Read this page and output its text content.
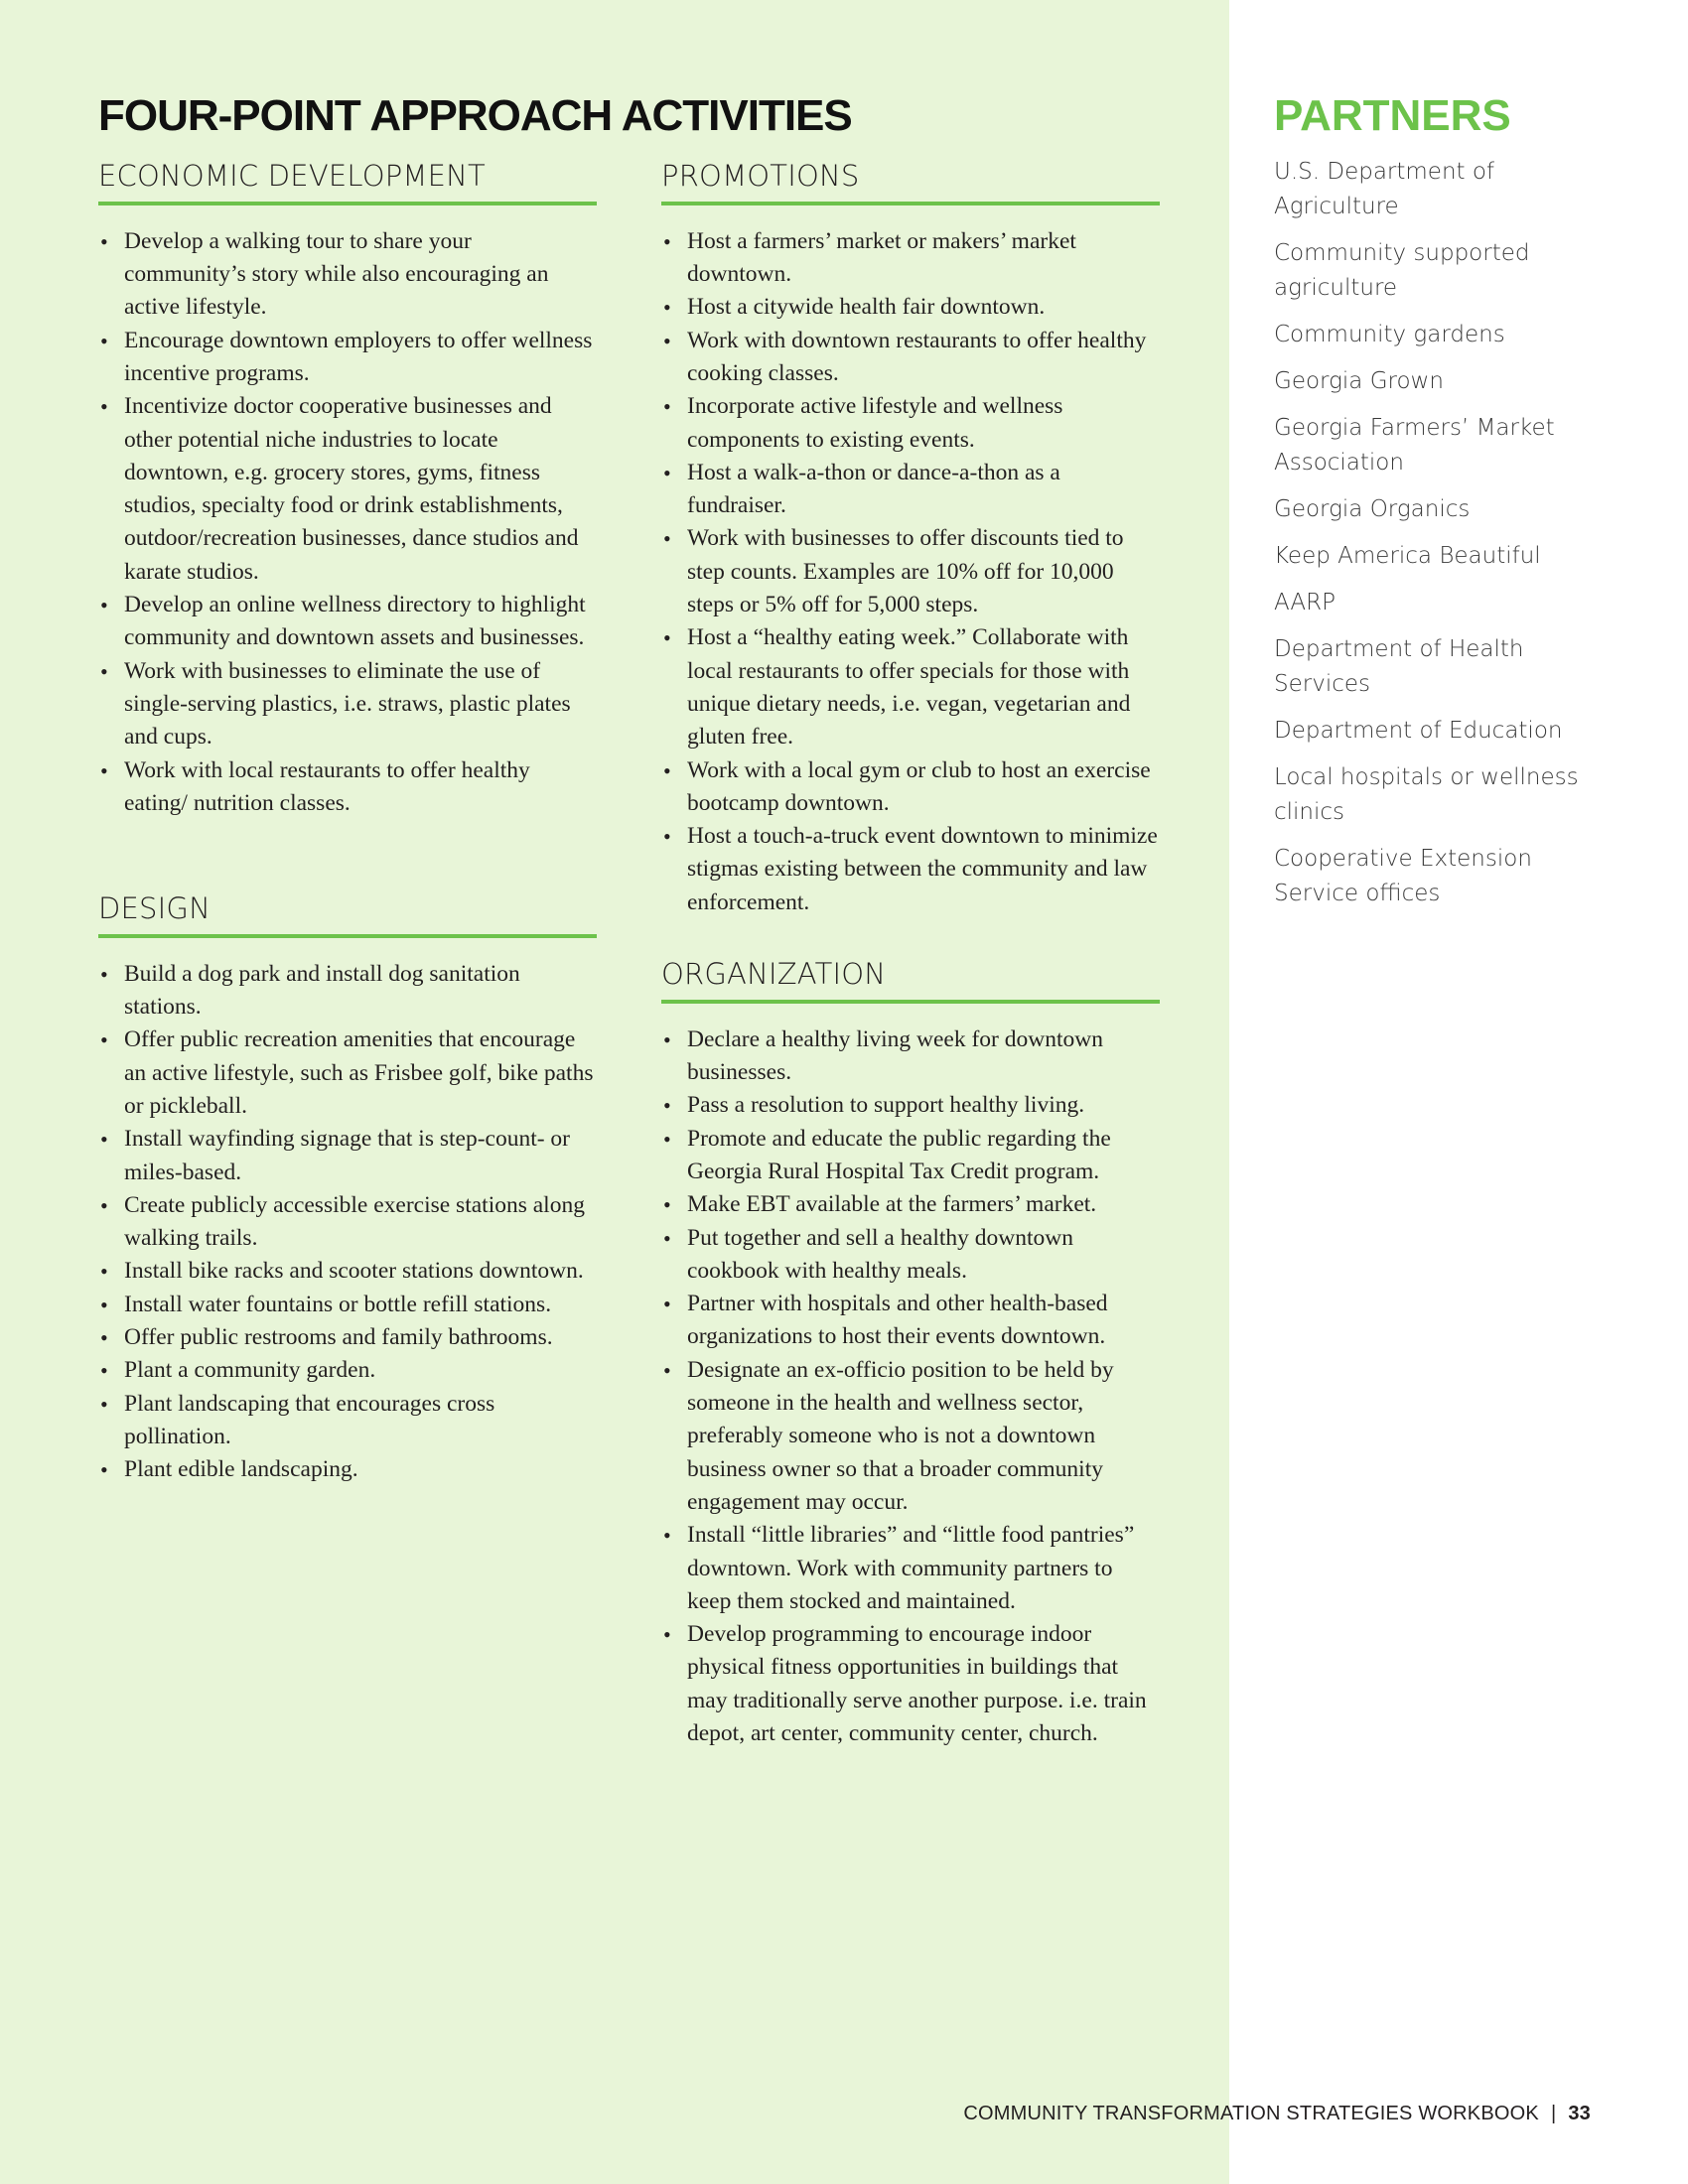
FOUR-POINT APPROACH ACTIVITIES
ECONOMIC DEVELOPMENT
• Develop a walking tour to share your community’s story while also encouraging an active lifestyle.
• Encourage downtown employers to offer wellness incentive programs.
• Incentivize doctor cooperative businesses and other potential niche industries to locate downtown, e.g. grocery stores, gyms, fitness studios, specialty food or drink establishments, outdoor/recreation businesses, dance studios and karate studios.
• Develop an online wellness directory to highlight community and downtown assets and businesses.
• Work with businesses to eliminate the use of single-serving plastics, i.e. straws, plastic plates and cups.
• Work with local restaurants to offer healthy eating/ nutrition classes.
DESIGN
• Build a dog park and install dog sanitation stations.
• Offer public recreation amenities that encourage an active lifestyle, such as Frisbee golf, bike paths or pickleball.
• Install wayfinding signage that is step-count- or miles-based.
• Create publicly accessible exercise stations along walking trails.
• Install bike racks and scooter stations downtown.
• Install water fountains or bottle refill stations.
• Offer public restrooms and family bathrooms.
• Plant a community garden.
• Plant landscaping that encourages cross pollination.
• Plant edible landscaping.
PROMOTIONS
• Host a farmers’ market or makers’ market downtown.
• Host a citywide health fair downtown.
• Work with downtown restaurants to offer healthy cooking classes.
• Incorporate active lifestyle and wellness components to existing events.
• Host a walk-a-thon or dance-a-thon as a fundraiser.
• Work with businesses to offer discounts tied to step counts. Examples are 10% off for 10,000 steps or 5% off for 5,000 steps.
• Host a “healthy eating week.” Collaborate with local restaurants to offer specials for those with unique dietary needs, i.e. vegan, vegetarian and gluten free.
• Work with a local gym or club to host an exercise bootcamp downtown.
• Host a touch-a-truck event downtown to minimize stigmas existing between the community and law enforcement.
ORGANIZATION
• Declare a healthy living week for downtown businesses.
• Pass a resolution to support healthy living.
• Promote and educate the public regarding the Georgia Rural Hospital Tax Credit program.
• Make EBT available at the farmers’ market.
• Put together and sell a healthy downtown cookbook with healthy meals.
• Partner with hospitals and other health-based organizations to host their events downtown.
• Designate an ex-officio position to be held by someone in the health and wellness sector, preferably someone who is not a downtown business owner so that a broader community engagement may occur.
• Install “little libraries” and “little food pantries” downtown. Work with community partners to keep them stocked and maintained.
• Develop programming to encourage indoor physical fitness opportunities in buildings that may traditionally serve another purpose. i.e. train depot, art center, community center, church.
PARTNERS
U.S. Department of Agriculture
Community supported agriculture
Community gardens
Georgia Grown
Georgia Farmers’ Market Association
Georgia Organics
Keep America Beautiful
AARP
Department of Health Services
Department of Education
Local hospitals or wellness clinics
Cooperative Extension Service offices
COMMUNITY TRANSFORMATION STRATEGIES WORKBOOK | 33
